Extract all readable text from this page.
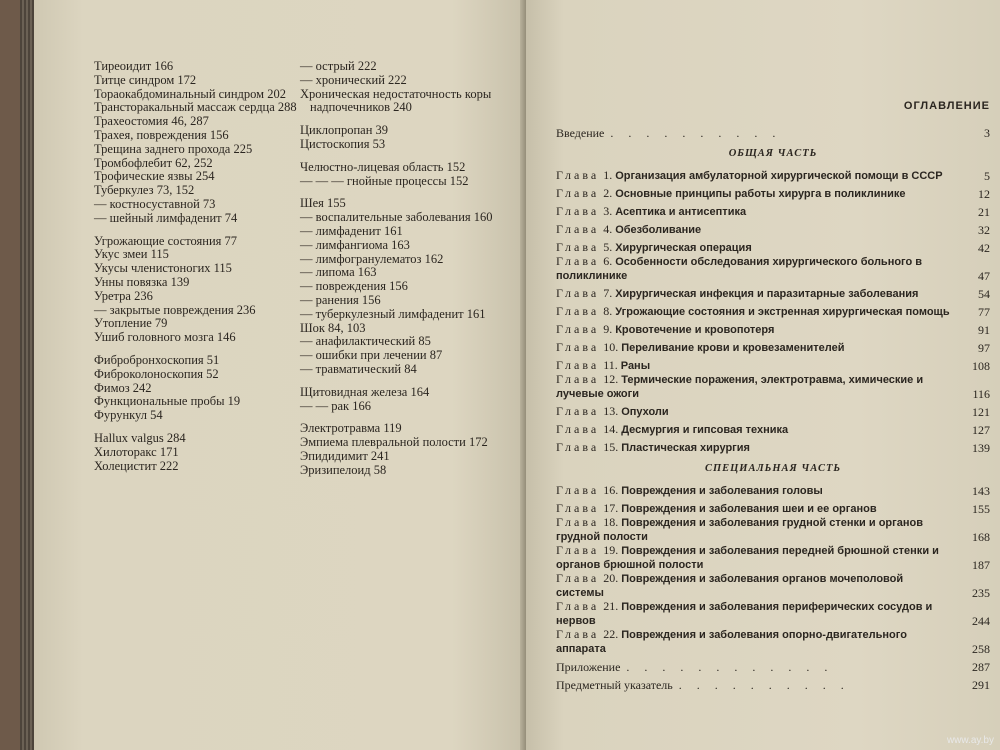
Тиреоидит 166
Титце синдром 172
Тораокабдоминальный синдром 202
Трансторакальный массаж сердца 288
Трахеостомия 46, 287
Трахея, повреждения 156
Трещина заднего прохода 225
Тромбофлебит 62, 252
Трофические язвы 254
Туберкулез 73, 152
— костносуставной 73
— шейный лимфаденит 74
Угрожающие состояния 77
Укус змеи 115
Укусы членистоногих 115
Унны повязка 139
Уретра 236
— закрытые повреждения 236
Утопление 79
Ушиб головного мозга 146
Фибробронхоскопия 51
Фиброколоноскопия 52
Фимоз 242
Функциональные пробы 19
Фурункул 54
Hallux valgus 284
Хилоторакс 171
Холецистит 222
— острый 222
— хронический 222
Хроническая недостаточность коры
надпочечников 240
Циклопропан 39
Цистоскопия 53
Челюстно-лицевая область 152
— — — гнойные процессы 152
Шея 155
— воспалительные заболевания 160
— лимфаденит 161
— лимфангиома 163
— лимфогранулематоз 162
— липома 163
— повреждения 156
— ранения 156
— туберкулезный лимфаденит 161
Шок 84, 103
— анафилактический 85
— ошибки при лечении 87
— травматический 84
Щитовидная железа 164
— — рак 166
Электротравма 119
Эмпиема плевральной полости 172
Эпидидимит 241
Эризипелоид 58
ОГЛАВЛЕНИЕ
Введение . . . . . . . . . .	3
ОБЩАЯ ЧАСТЬ
Глава 1. Организация амбулаторной хирургической помощи в СССР	5
Глава 2. Основные принципы работы хирурга в поликлинике	12
Глава 3. Асептика и антисептика	21
Глава 4. Обезболивание	32
Глава 5. Хирургическая операция	42
Глава 6. Особенности обследования хирургического больного в поликлинике	47
Глава 7. Хирургическая инфекция и паразитарные заболевания	54
Глава 8. Угрожающие состояния и экстренная хирургическая помощь	77
Глава 9. Кровотечение и кровопотеря	91
Глава 10. Переливание крови и кровезаменителей	97
Глава 11. Раны	108
Глава 12. Термические поражения, электротравма, химические и лучевые ожоги	116
Глава 13. Опухоли	121
Глава 14. Десмургия и гипсовая техника	127
Глава 15. Пластическая хирургия	139
СПЕЦИАЛЬНАЯ ЧАСТЬ
Глава 16. Повреждения и заболевания головы	143
Глава 17. Повреждения и заболевания шеи и ее органов	155
Глава 18. Повреждения и заболевания грудной стенки и органов грудной полости	168
Глава 19. Повреждения и заболевания передней брюшной стенки и органов брюшной полости	187
Глава 20. Повреждения и заболевания органов мочеполовой системы	235
Глава 21. Повреждения и заболевания периферических сосудов и нервов	244
Глава 22. Повреждения и заболевания опорно-двигательного аппарата	258
Приложение . . . . . . . . . . . .	287
Предметный указатель . . . . . . . . . .	291
www.ay.by
